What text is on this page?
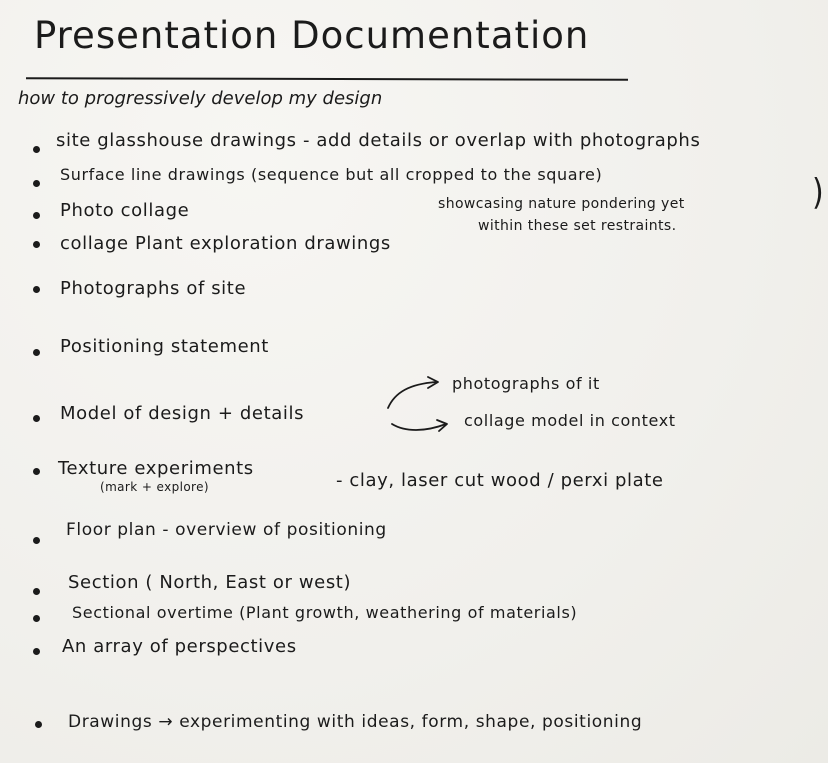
Presentation Documentation
how to progressively develop my design
site glasshouse drawings - add details or overlap with photographs
Surface line drawings (sequence but all cropped to the square)	)
Photo collage	showcasing nature pondering yet
within these set restraints.
collage Plant exploration drawings
Photographs of site
Positioning statement
Model of design + details
photographs of it
collage model in context
Texture experiments
(mark + explore)	- clay, laser cut wood / perxi plate
Floor plan - overview of positioning
Section ( North, East or west)
Sectional overtime (Plant growth, weathering of materials)
An array of perspectives
Drawings → experimenting with ideas, form, shape, positioning
